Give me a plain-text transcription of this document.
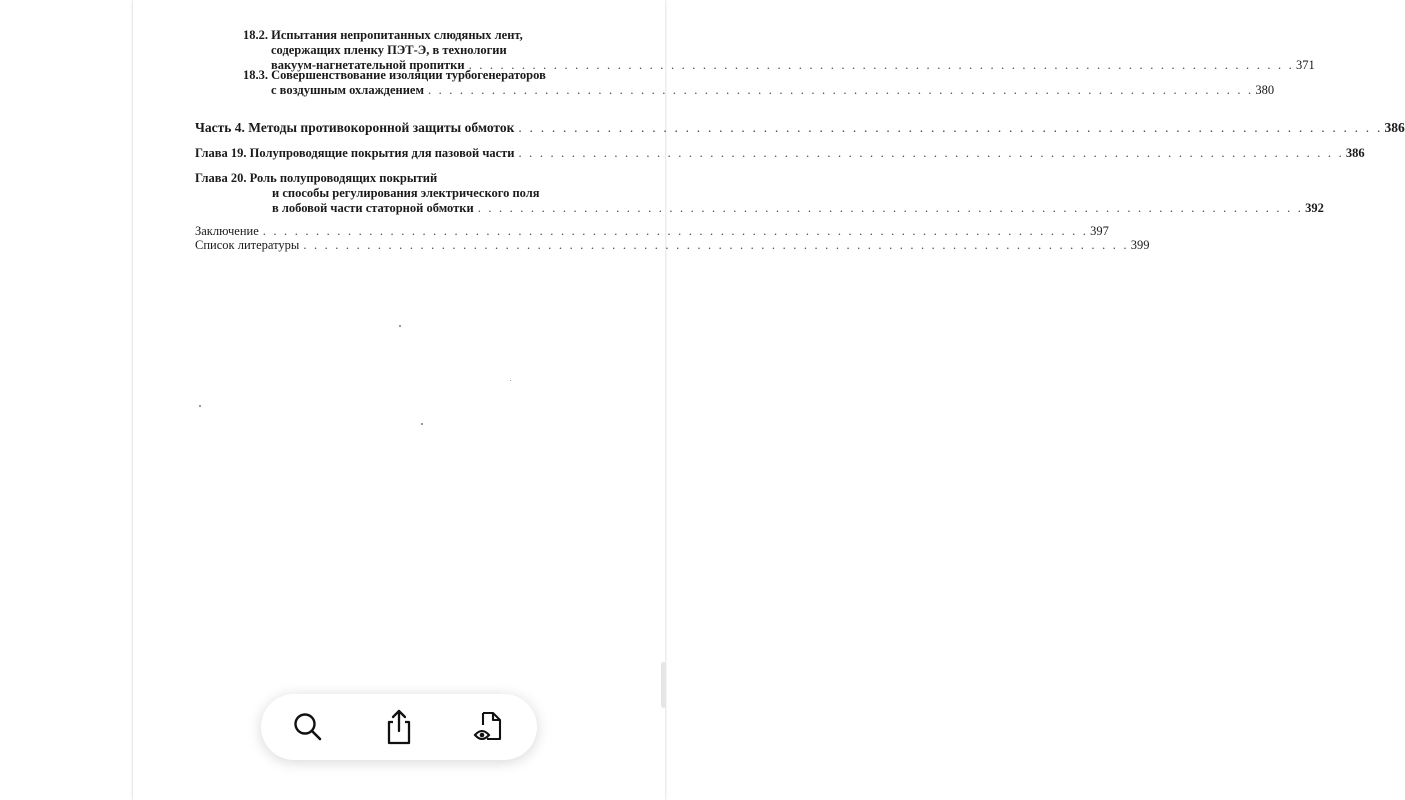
18.2. Испытания непропитанных слюдяных лент,
содержащих пленку ПЭТ-Э, в технологии
вакуум-нагнетательной пропитки . . .	371
18.3. Совершенствование изоляции турбогенераторов
с воздушным охлаждением . . .	380
Часть 4. Методы противокоронной защиты обмоток . . .	386
Глава 19. Полупроводящие покрытия для пазовой части . . .	386
Глава 20. Роль полупроводящих покрытий
и способы регулирования электрического поля
в лобовой части статорной обмотки . . .	392
Заключение . . .	397
Список литературы . . .	399
